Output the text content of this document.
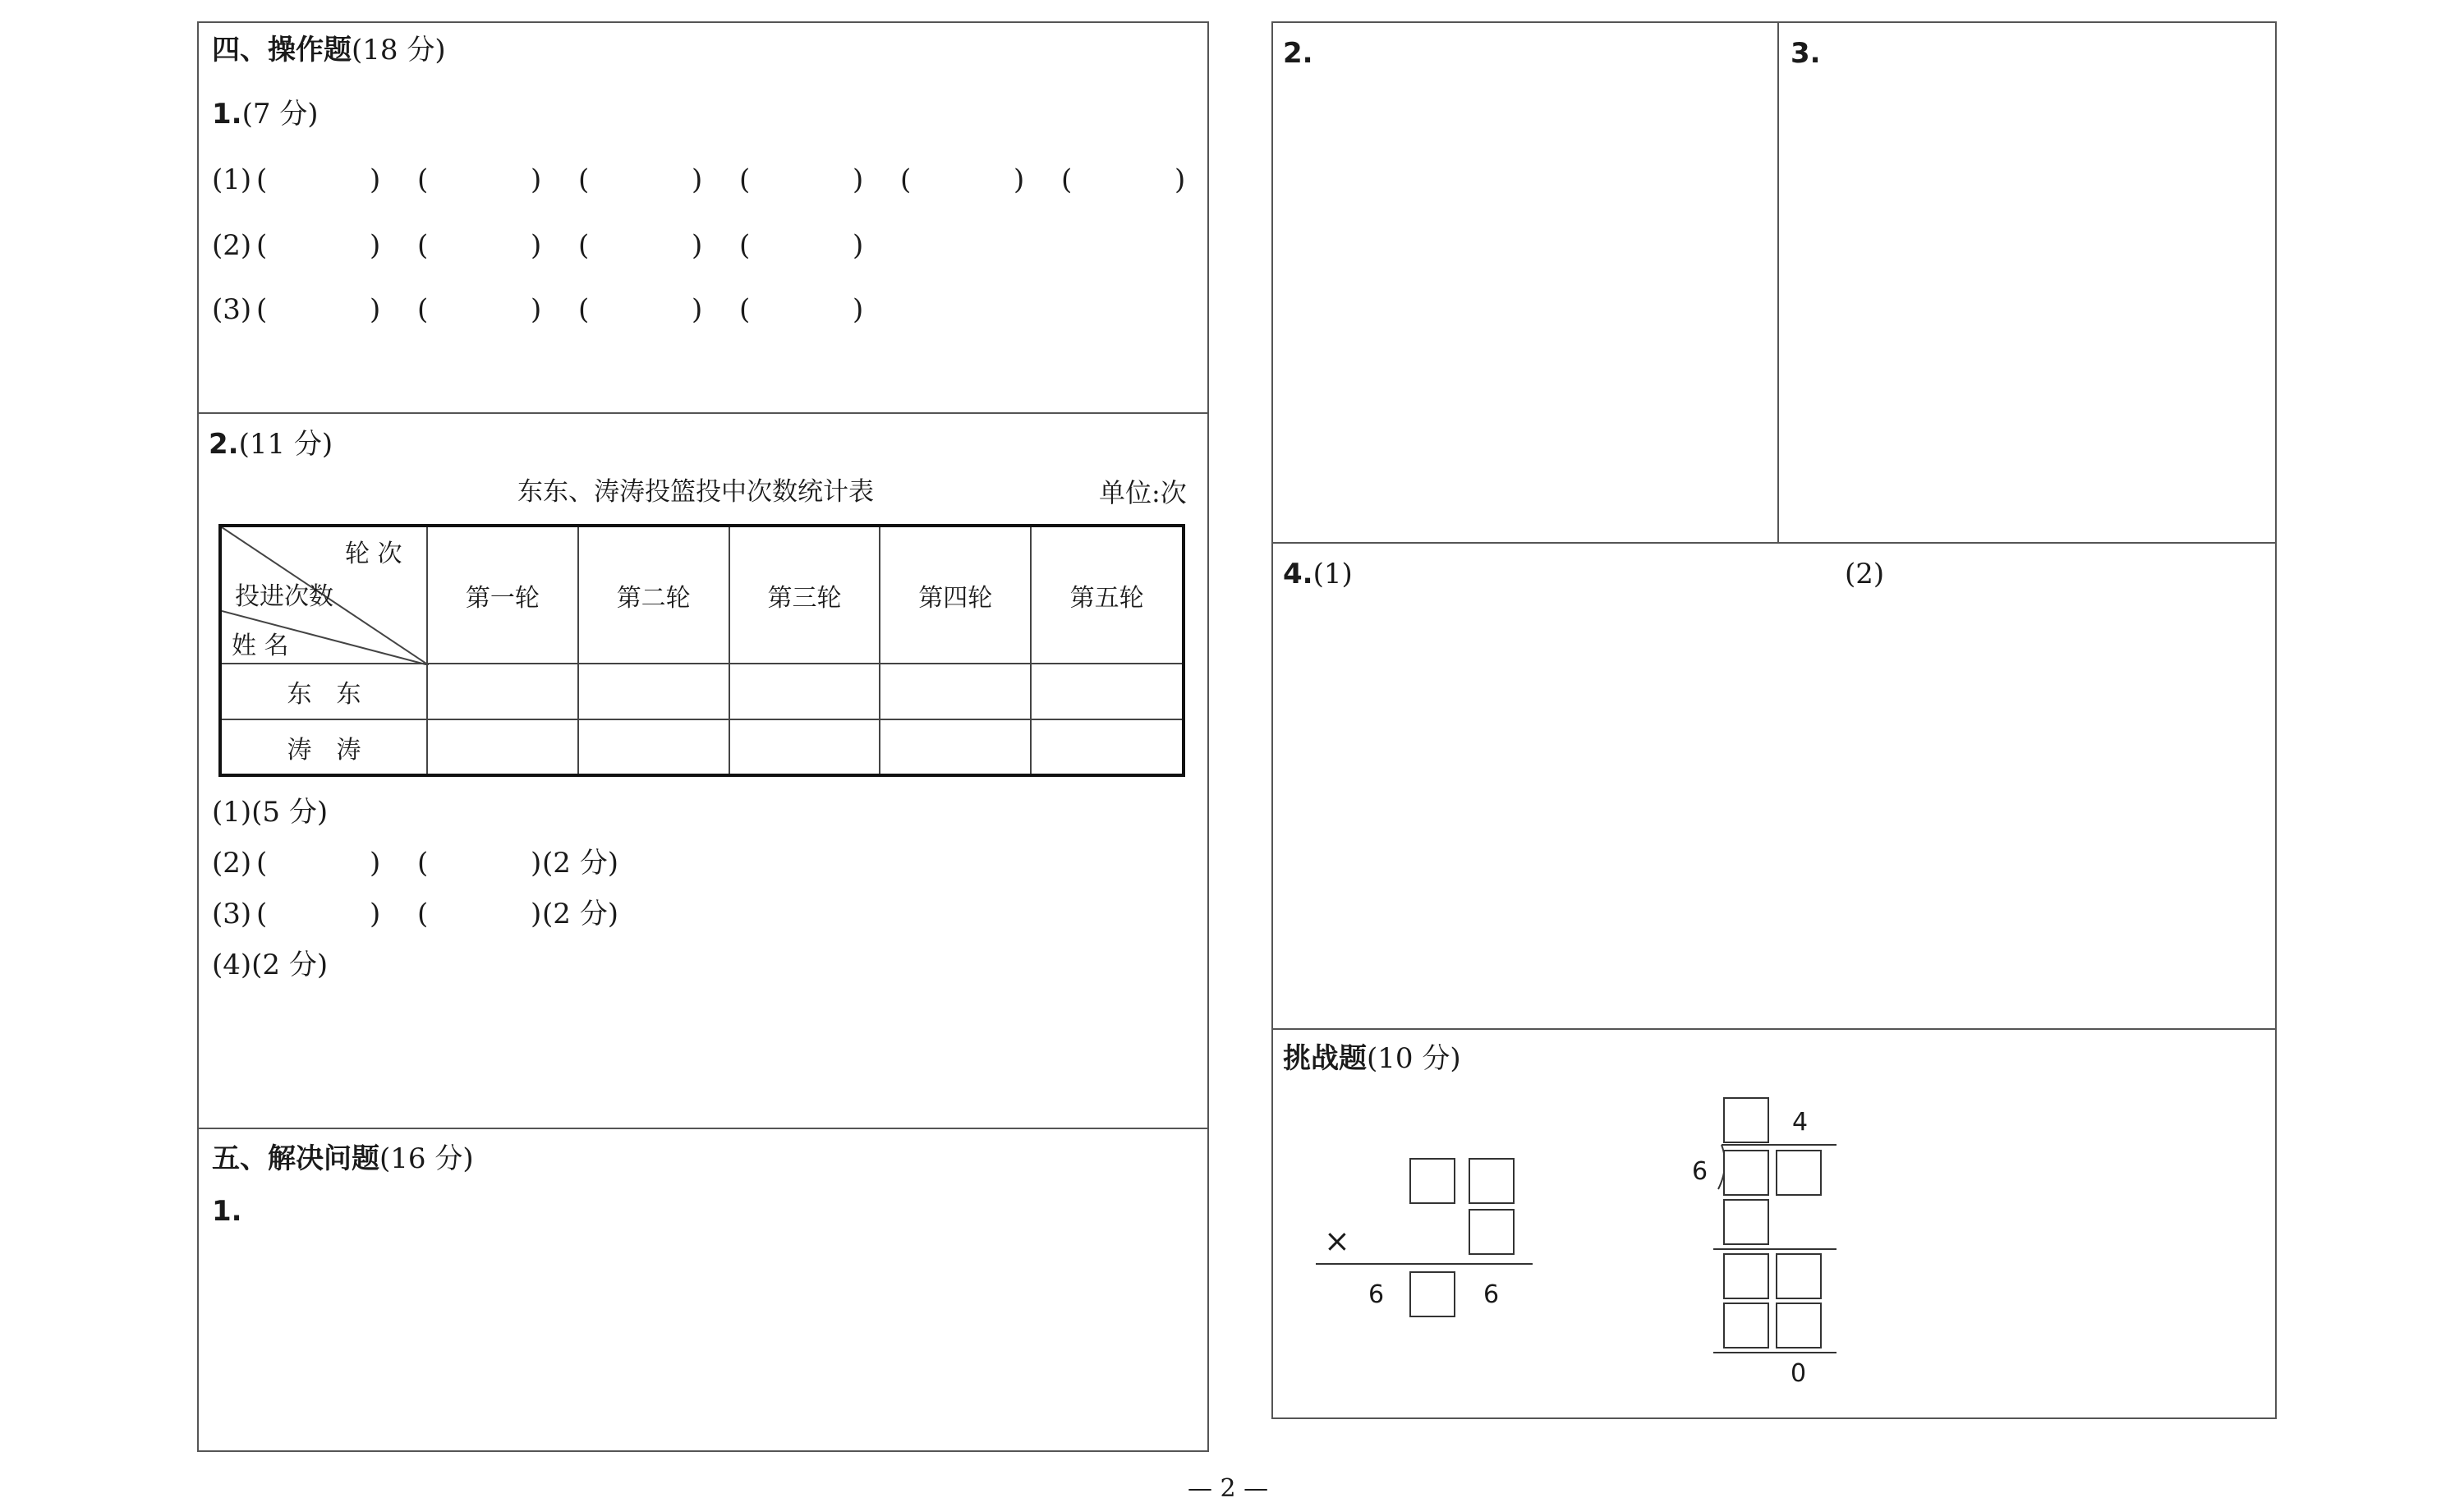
四、操作题(18 分)
1.(7 分)
(1) (	) (	) (	) (	) (	) (	)
(2) (	) (	) (	) (	)
(3) (	) (	) (	) (	)
2.(11 分)
东东、涛涛投篮投中次数统计表	单位:次
轮 次
投进次数
姓 名	第一轮	第二轮	第三轮	第四轮	第五轮
东　东					
涛　涛					
(1)(5 分)
(2) (	) (	) (2 分)
(3) (	) (	) (2 分)
(4)(2 分)
五、解决问题(16 分)
1.
2.	3.
4.(1)	(2)
挑战题(10 分)
×
6	6
4
6
0
— 2 —
